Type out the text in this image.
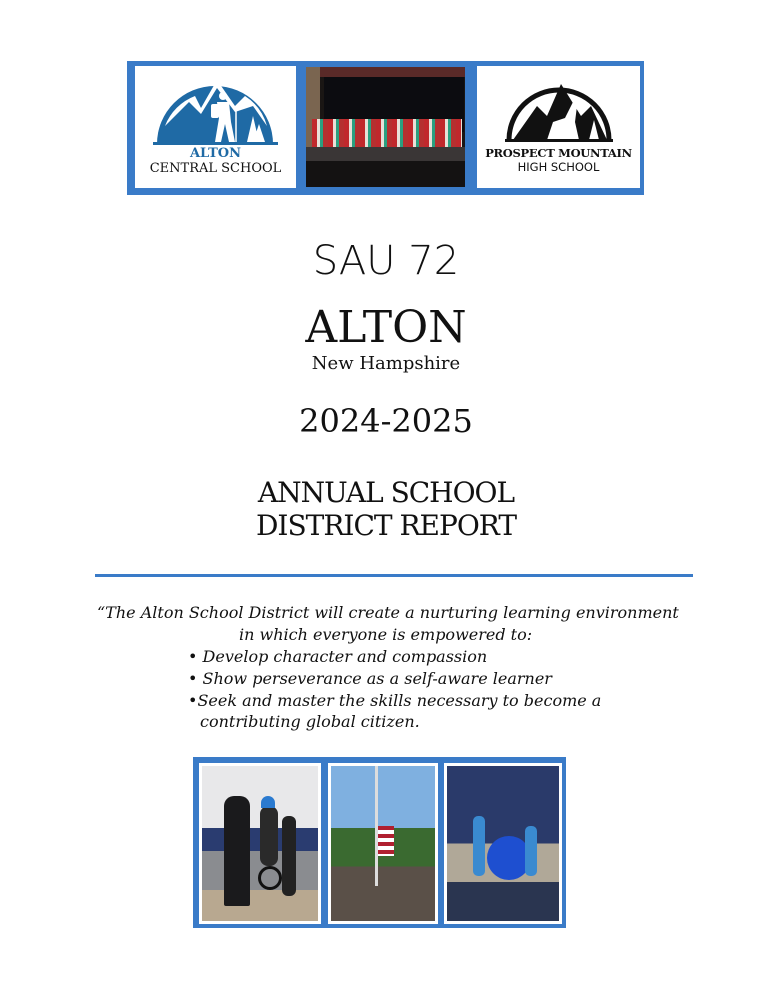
ALTON
CENTRAL SCHOOL
PROSPECT MOUNTAIN
HIGH SCHOOL
SAU 72
ALTON
New Hampshire
2024-2025
ANNUAL SCHOOL
DISTRICT REPORT
“The Alton School District will create a nurturing learning environment
in which everyone is empowered to:
• Develop character and compassion
• Show perseverance as a self-aware learner
•Seek and master the skills necessary to become a
contributing global citizen.
